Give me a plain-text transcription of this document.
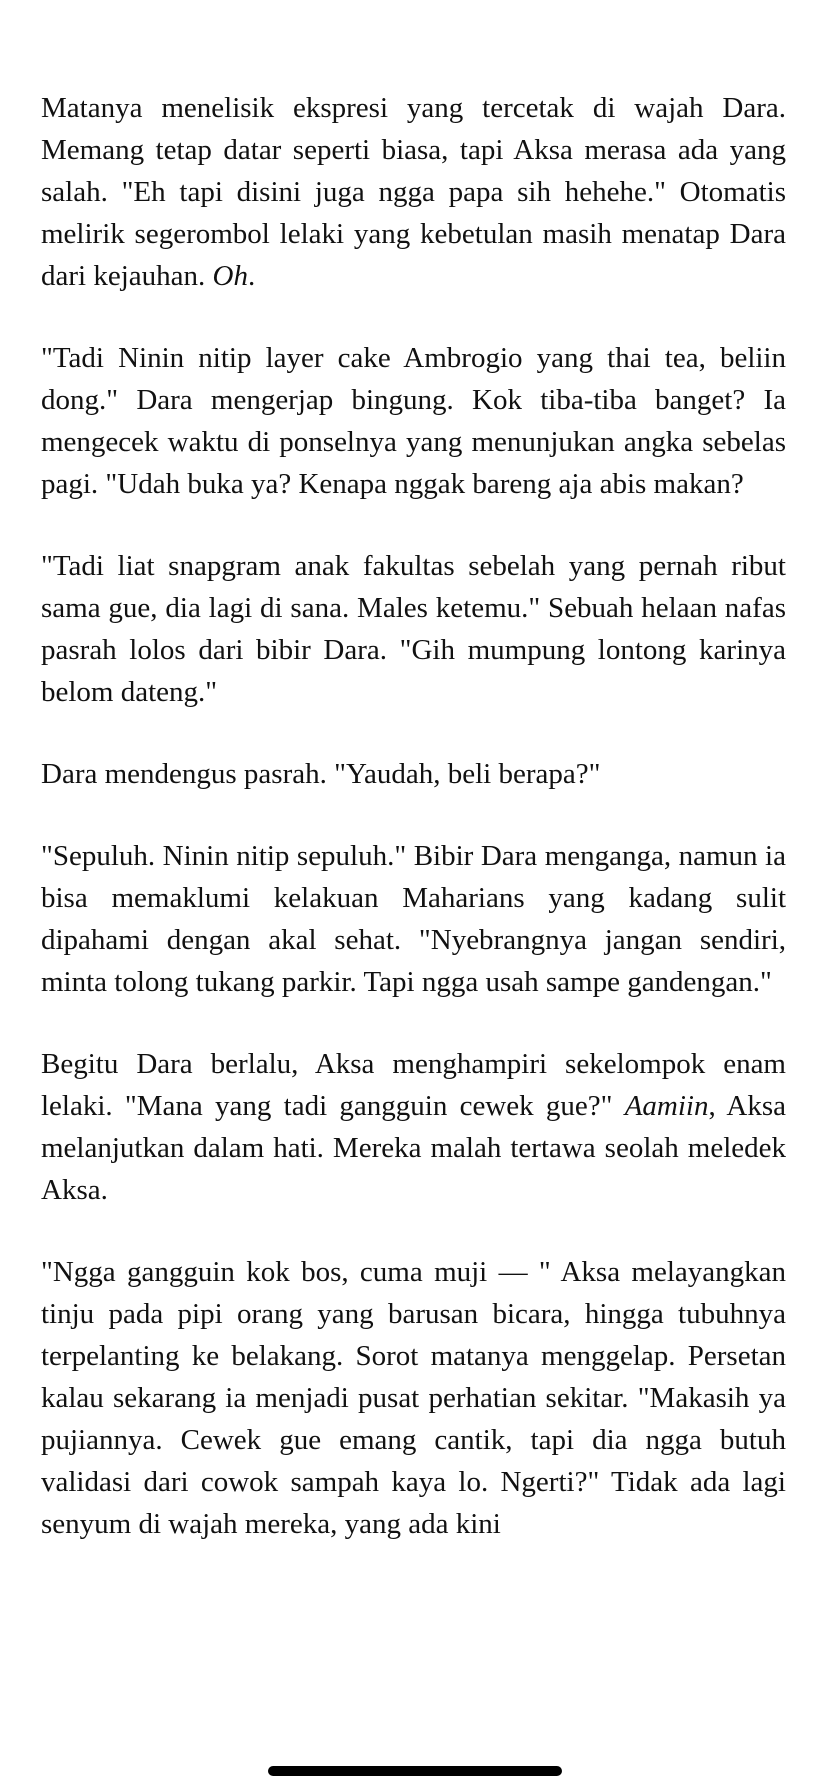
Matanya menelisik ekspresi yang tercetak di wajah Dara. Memang tetap datar seperti biasa, tapi Aksa merasa ada yang salah. "Eh tapi disini juga ngga papa sih hehehe." Otomatis melirik segerombol lelaki yang kebetulan masih menatap Dara dari kejauhan. Oh.

"Tadi Ninin nitip layer cake Ambrogio yang thai tea, beliin dong." Dara mengerjap bingung. Kok tiba-tiba banget? Ia mengecek waktu di ponselnya yang menunjukan angka sebelas pagi. "Udah buka ya? Kenapa nggak bareng aja abis makan?

"Tadi liat snapgram anak fakultas sebelah yang pernah ribut sama gue, dia lagi di sana. Males ketemu." Sebuah helaan nafas pasrah lolos dari bibir Dara. "Gih mumpung lontong karinya belom dateng."

Dara mendengus pasrah. "Yaudah, beli berapa?"

"Sepuluh. Ninin nitip sepuluh." Bibir Dara menganga, namun ia bisa memaklumi kelakuan Maharians yang kadang sulit dipahami dengan akal sehat. "Nyebrangnya jangan sendiri, minta tolong tukang parkir. Tapi ngga usah sampe gandengan."

Begitu Dara berlalu, Aksa menghampiri sekelompok enam lelaki. "Mana yang tadi gangguin cewek gue?" Aamiin, Aksa melanjutkan dalam hati. Mereka malah tertawa seolah meledek Aksa.

"Ngga gangguin kok bos, cuma muji — " Aksa melayangkan tinju pada pipi orang yang barusan bicara, hingga tubuhnya terpelanting ke belakang. Sorot matanya menggelap. Persetan kalau sekarang ia menjadi pusat perhatian sekitar. "Makasih ya pujiannya. Cewek gue emang cantik, tapi dia ngga butuh validasi dari cowok sampah kaya lo. Ngerti?" Tidak ada lagi senyum di wajah mereka, yang ada kini
